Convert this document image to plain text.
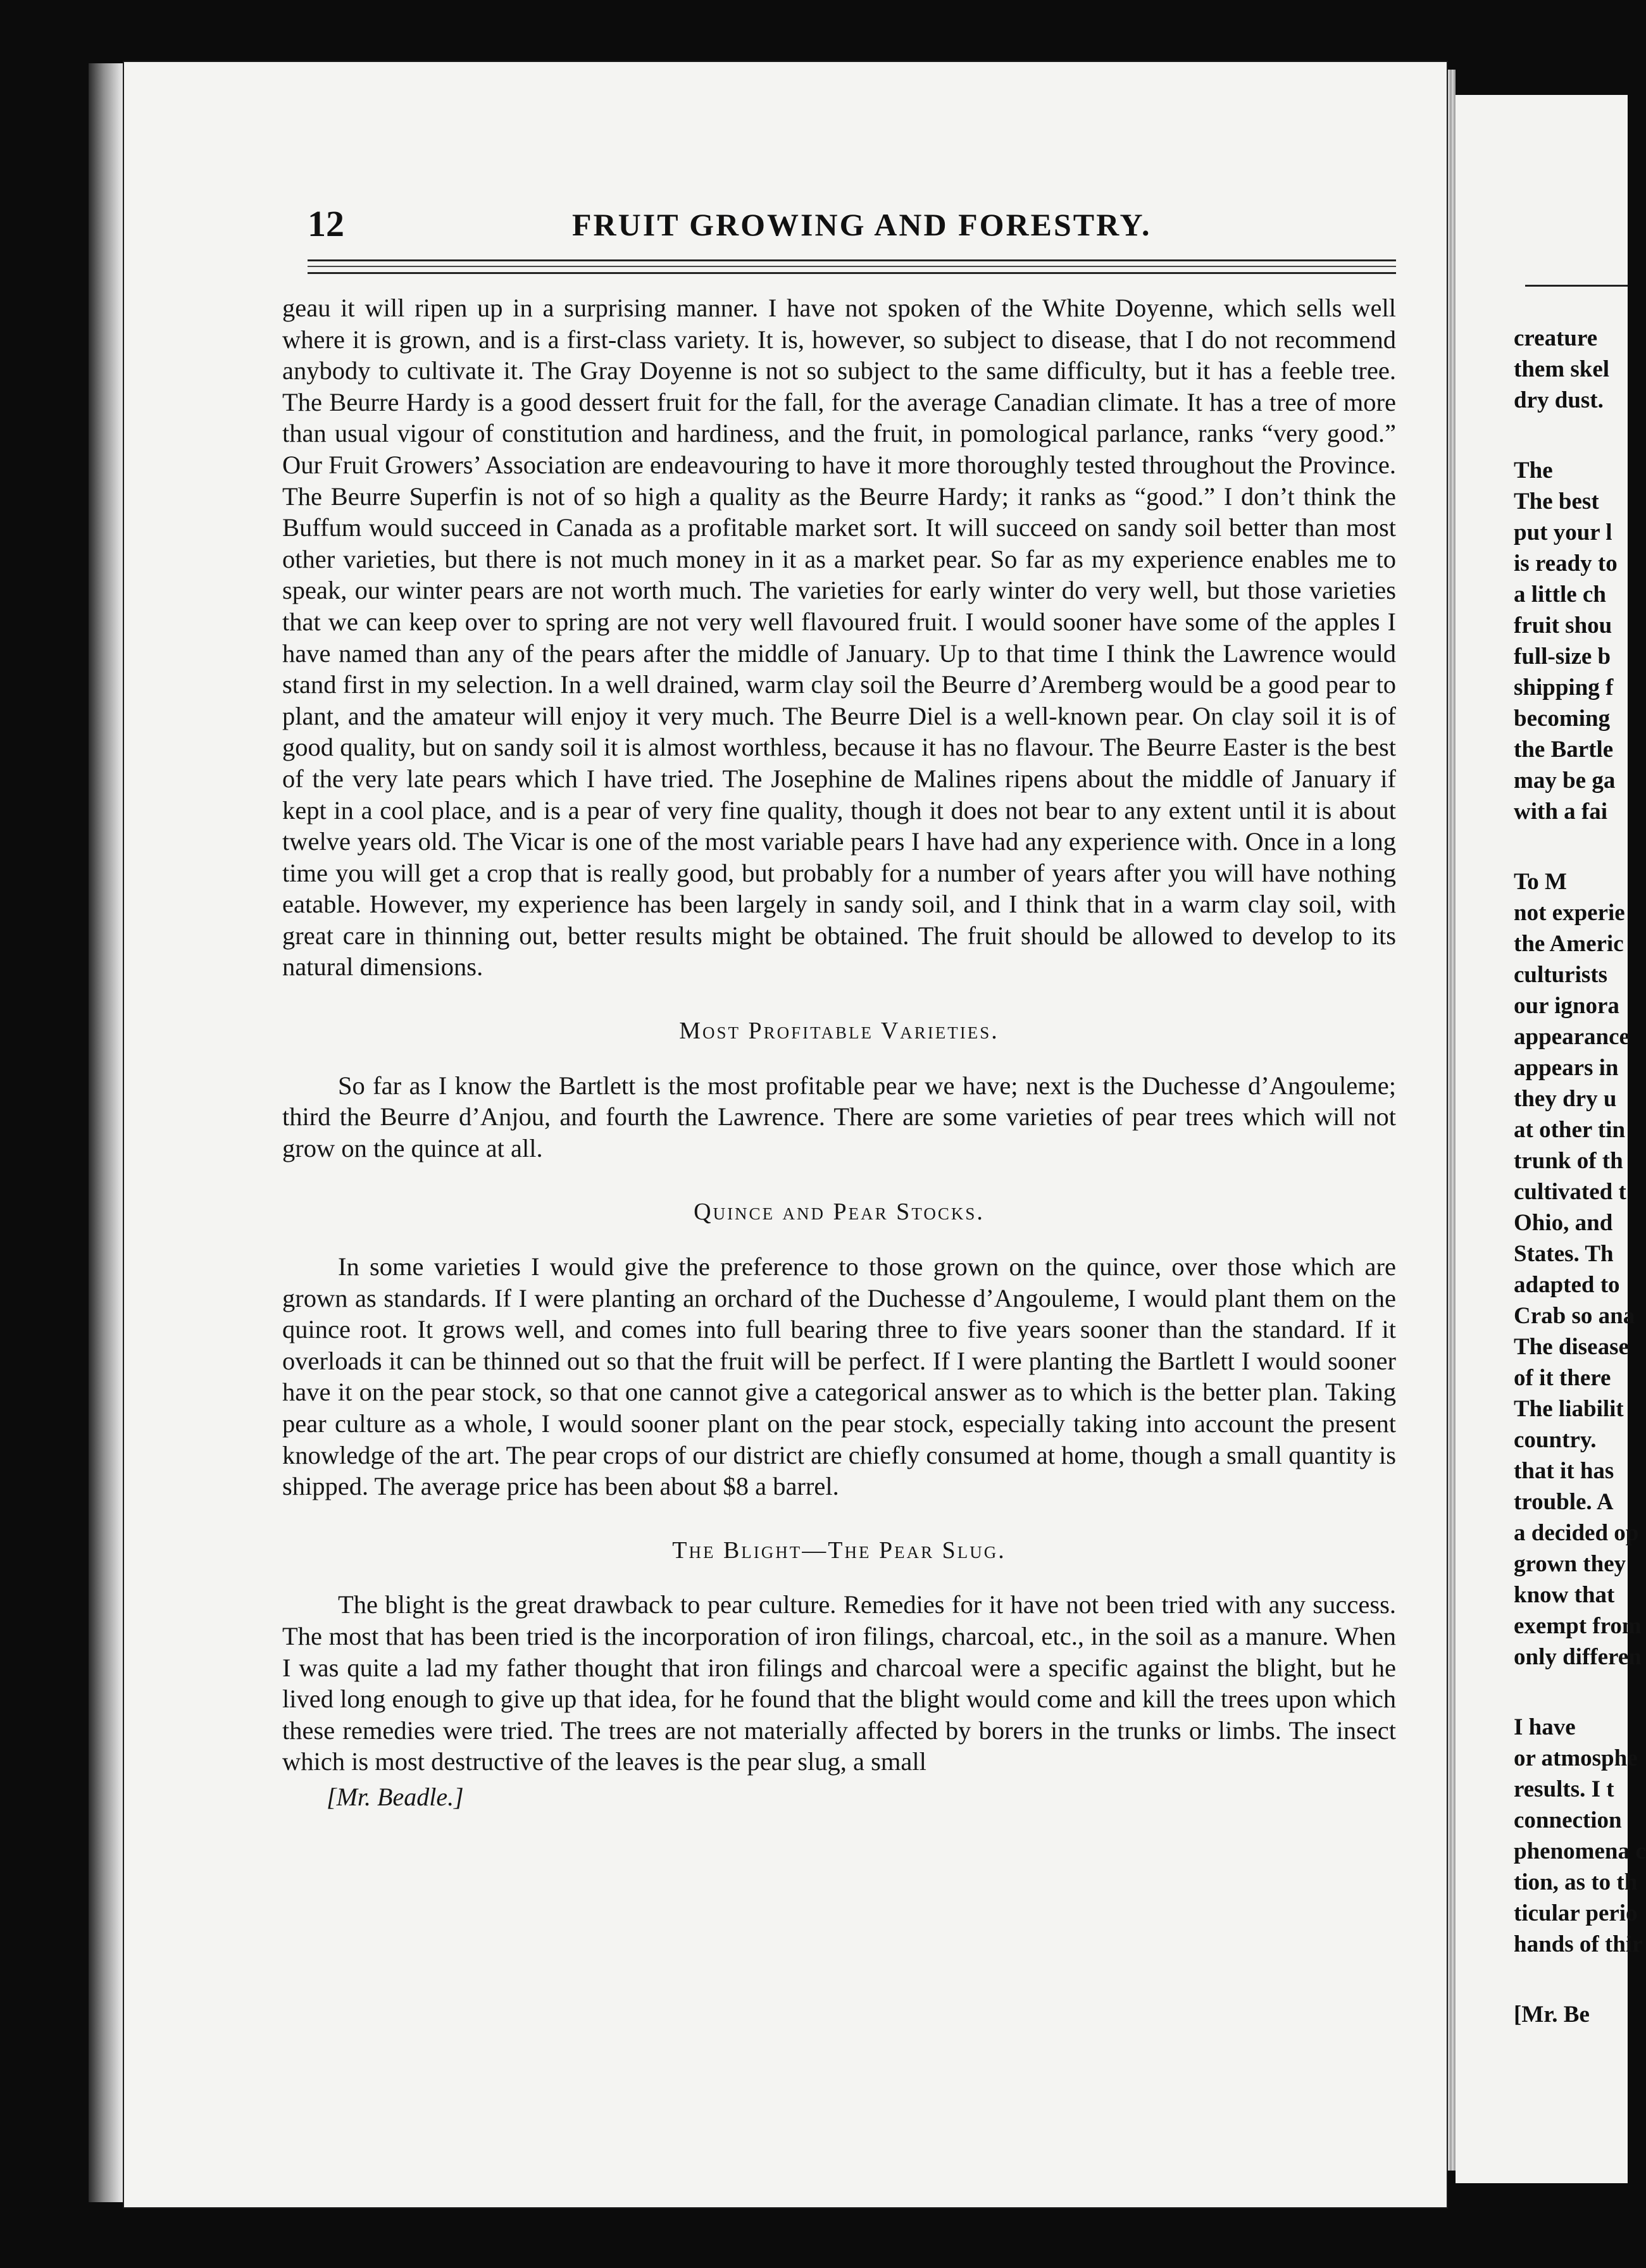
creature
them skel
dry dust.

The
The best
put your l
is ready to
a little ch
fruit shou
full-size b
shipping f
becoming
the Bartle
may be ga
with a fai

To M
not experie
the Americ
culturists
our ignora
appearance
appears in
they dry u
at other tin
trunk of th
cultivated t
Ohio, and
States. Th
adapted to
Crab so ana
The disease
of it there
The liabilit
country.
that it has
trouble. A
a decided op
grown they
know that
exempt from
only differen

I have
or atmosphe
results. I t
connection
phenomena c
tion, as to th
ticular perio
hands of thir

[Mr. Be
12	FRUIT GROWING AND FORESTRY.

geau it will ripen up in a surprising manner. I have not spoken of the White Doyenne, which sells well where it is grown, and is a first-class variety. It is, however, so subject to disease, that I do not recommend anybody to cultivate it. The Gray Doyenne is not so subject to the same difficulty, but it has a feeble tree. The Beurre Hardy is a good dessert fruit for the fall, for the average Canadian climate. It has a tree of more than usual vigour of constitution and hardiness, and the fruit, in pomological parlance, ranks “very good.” Our Fruit Growers’ Association are endeavouring to have it more thoroughly tested throughout the Province. The Beurre Superfin is not of so high a quality as the Beurre Hardy; it ranks as “good.” I don’t think the Buffum would succeed in Canada as a profitable market sort. It will succeed on sandy soil better than most other varieties, but there is not much money in it as a market pear. So far as my experience enables me to speak, our winter pears are not worth much. The varieties for early winter do very well, but those varieties that we can keep over to spring are not very well flavoured fruit. I would sooner have some of the apples I have named than any of the pears after the middle of January. Up to that time I think the Lawrence would stand first in my selection. In a well drained, warm clay soil the Beurre d’Aremberg would be a good pear to plant, and the amateur will enjoy it very much. The Beurre Diel is a well-known pear. On clay soil it is of good quality, but on sandy soil it is almost worthless, because it has no flavour. The Beurre Easter is the best of the very late pears which I have tried. The Josephine de Malines ripens about the middle of January if kept in a cool place, and is a pear of very fine quality, though it does not bear to any extent until it is about twelve years old. The Vicar is one of the most variable pears I have had any experience with. Once in a long time you will get a crop that is really good, but probably for a number of years after you will have nothing eatable. However, my experience has been largely in sandy soil, and I think that in a warm clay soil, with great care in thinning out, better results might be obtained. The fruit should be allowed to develop to its natural dimensions.

Most Profitable Varieties.

So far as I know the Bartlett is the most profitable pear we have; next is the Duchesse d’Angouleme; third the Beurre d’Anjou, and fourth the Lawrence. There are some varieties of pear trees which will not grow on the quince at all.

Quince and Pear Stocks.

In some varieties I would give the preference to those grown on the quince, over those which are grown as standards. If I were planting an orchard of the Duchesse d’Angouleme, I would plant them on the quince root. It grows well, and comes into full bearing three to five years sooner than the standard. If it overloads it can be thinned out so that the fruit will be perfect. If I were planting the Bartlett I would sooner have it on the pear stock, so that one cannot give a categorical answer as to which is the better plan. Taking pear culture as a whole, I would sooner plant on the pear stock, especially taking into account the present knowledge of the art. The pear crops of our district are chiefly consumed at home, though a small quantity is shipped. The average price has been about $8 a barrel.

The Blight—The Pear Slug.

The blight is the great drawback to pear culture. Remedies for it have not been tried with any success. The most that has been tried is the incorporation of iron filings, charcoal, etc., in the soil as a manure. When I was quite a lad my father thought that iron filings and charcoal were a specific against the blight, but he lived long enough to give up that idea, for he found that the blight would come and kill the trees upon which these remedies were tried. The trees are not materially affected by borers in the trunks or limbs. The insect which is most destructive of the leaves is the pear slug, a small

[Mr. Beadle.]
